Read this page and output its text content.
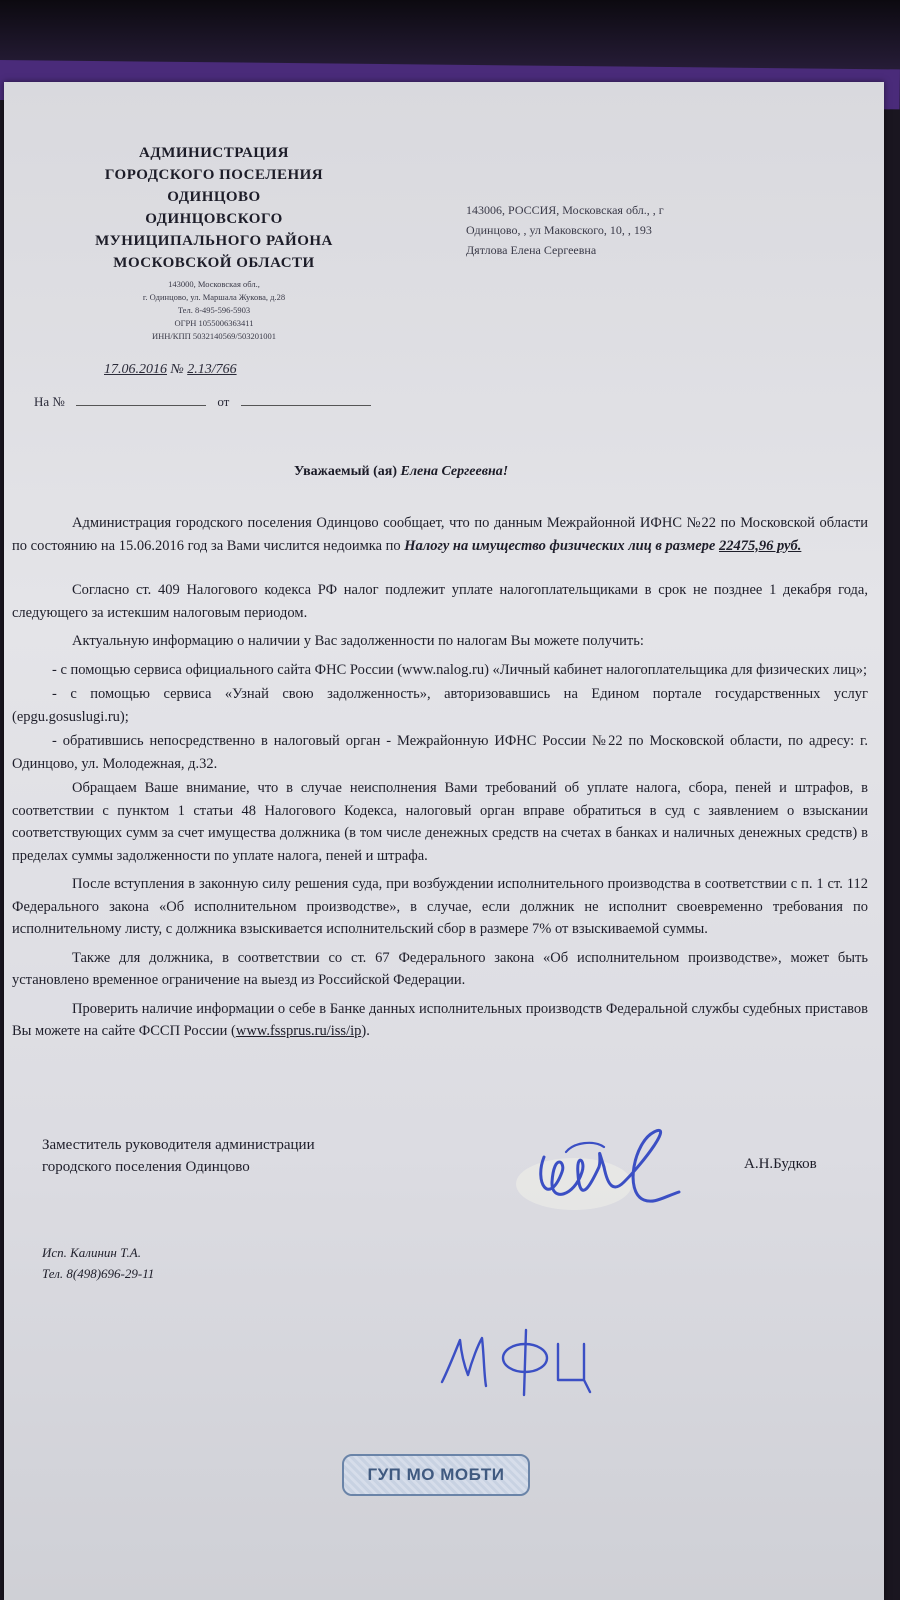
АДМИНИСТРАЦИЯ
ГОРОДСКОГО ПОСЕЛЕНИЯ
ОДИНЦОВО
ОДИНЦОВСКОГО
МУНИЦИПАЛЬНОГО РАЙОНА
МОСКОВСКОЙ ОБЛАСТИ
143000, Московская обл.,
г. Одинцово, ул. Маршала Жукова, д.28
Тел. 8-495-596-5903
ОГРН 1055006363411
ИНН/КПП 5032140569/503201001
17.06.2016 № 2.13/766
На №	от
143006, РОССИЯ, Московская обл., , г
Одинцово, , ул Маковского, 10, , 193
Дятлова Елена Сергеевна
Уважаемый (ая) Елена Сергеевна!

Администрация городского поселения Одинцово сообщает, что по данным Межрайонной ИФНС №22 по Московской области по состоянию на 15.06.2016 год за Вами числится недоимка по Налогу на имущество физических лиц в размере 22475,96 руб.

Согласно ст. 409 Налогового кодекса РФ налог подлежит уплате налогоплательщиками в срок не позднее 1 декабря года, следующего за истекшим налоговым периодом.

Актуальную информацию о наличии у Вас задолженности по налогам Вы можете получить:

- с помощью сервиса официального сайта ФНС России (www.nalog.ru) «Личный кабинет налогоплательщика для физических лиц»;

- с помощью сервиса «Узнай свою задолженность», авторизовавшись на Едином портале государственных услуг (epgu.gosuslugi.ru);

- обратившись непосредственно в налоговый орган - Межрайонную ИФНС России №22 по Московской области, по адресу: г. Одинцово, ул. Молодежная, д.32.

Обращаем Ваше внимание, что в случае неисполнения Вами требований об уплате налога, сбора, пеней и штрафов, в соответствии с пунктом 1 статьи 48 Налогового Кодекса, налоговый орган вправе обратиться в суд с заявлением о взыскании соответствующих сумм за счет имущества должника (в том числе денежных средств на счетах в банках и наличных денежных средств) в пределах суммы задолженности по уплате налога, пеней и штрафа.

После вступления в законную силу решения суда, при возбуждении исполнительного производства в соответствии с п. 1 ст. 112 Федерального закона «Об исполнительном производстве», в случае, если должник не исполнит своевременно требования по исполнительному листу, с должника взыскивается исполнительский сбор в размере 7% от взыскиваемой суммы.

Также для должника, в соответствии со ст. 67 Федерального закона «Об исполнительном производстве», может быть установлено временное ограничение на выезд из Российской Федерации.

Проверить наличие информации о себе в Банке данных исполнительных производств Федеральной службы судебных приставов Вы можете на сайте ФССП России (www.fssprus.ru/iss/ip).

Заместитель руководителя администрации
городского поселения Одинцово	А.Н.Будков
Исп. Калинин Т.А.
Тел. 8(498)696-29-11
ГУП МО МОБТИ
